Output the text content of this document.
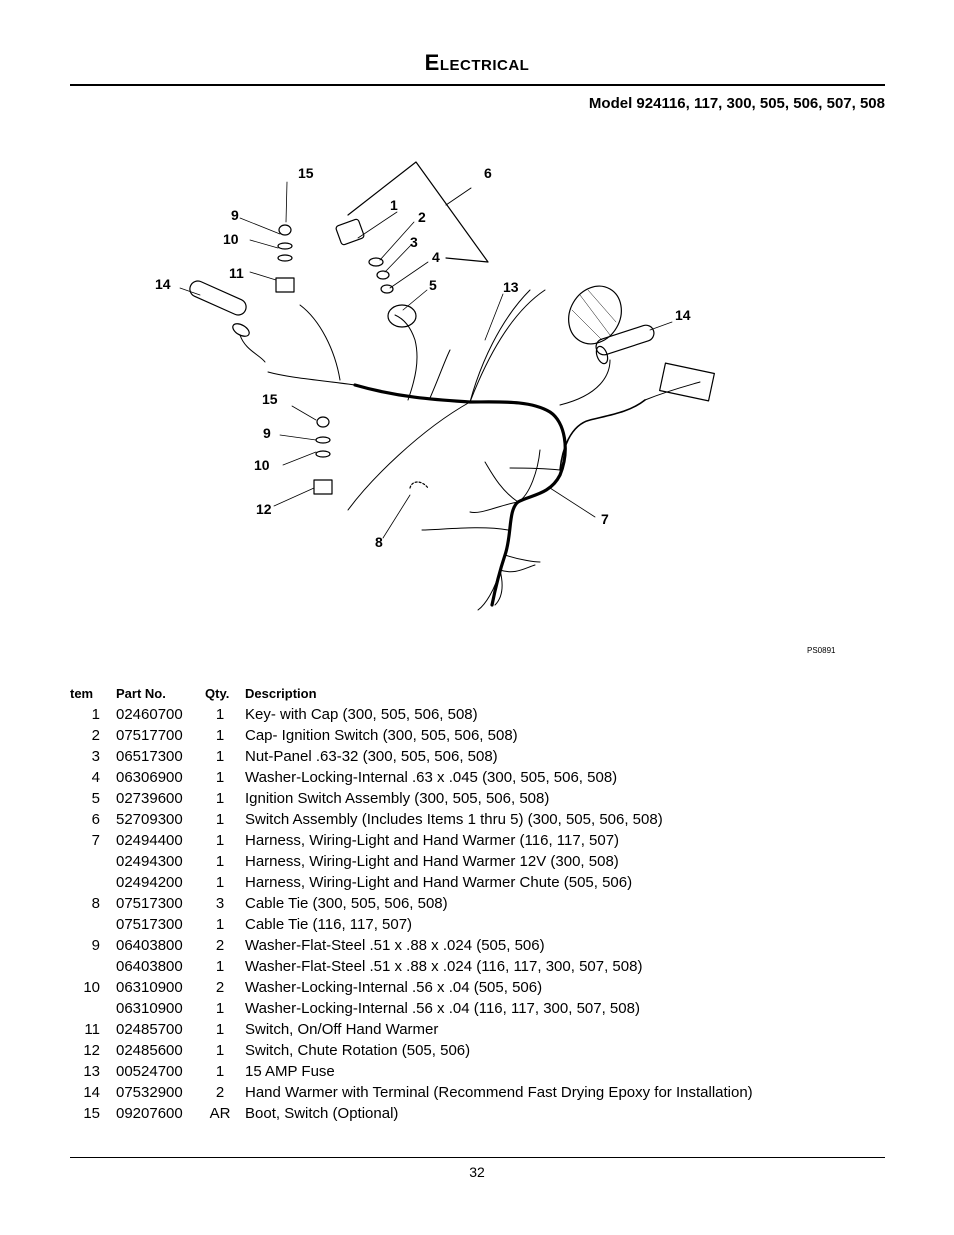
Electrical

Model 924116, 117, 300, 505, 506, 507, 508

15	6
9
1
2
10	3
4
11
5	13
14
14
15
9
10
12
8
7
PS0891
tem	Part No.	Qty.	Description
1	02460700	1	Key- with Cap (300, 505, 506, 508)
2	07517700	1	Cap- Ignition Switch (300, 505, 506, 508)
3	06517300	1	Nut-Panel .63-32 (300, 505, 506, 508)
4	06306900	1	Washer-Locking-Internal .63 x .045 (300, 505, 506, 508)
5	02739600	1	Ignition Switch Assembly (300, 505, 506, 508)
6	52709300	1	Switch Assembly (Includes Items 1 thru 5) (300, 505, 506, 508)
7	02494400	1	Harness, Wiring-Light and Hand Warmer (116, 117, 507)
	02494300	1	Harness, Wiring-Light and Hand Warmer 12V (300, 508)
	02494200	1	Harness, Wiring-Light and Hand Warmer Chute (505, 506)
8	07517300	3	Cable Tie (300, 505, 506, 508)
	07517300	1	Cable Tie (116, 117, 507)
9	06403800	2	Washer-Flat-Steel .51 x .88 x .024 (505, 506)
	06403800	1	Washer-Flat-Steel .51 x .88 x .024 (116, 117, 300, 507, 508)
10	06310900	2	Washer-Locking-Internal .56 x .04 (505, 506)
	06310900	1	Washer-Locking-Internal .56 x .04 (116, 117, 300, 507, 508)
11	02485700	1	Switch, On/Off Hand Warmer
12	02485600	1	Switch, Chute Rotation (505, 506)
13	00524700	1	15 AMP Fuse
14	07532900	2	Hand Warmer with Terminal (Recommend Fast Drying Epoxy for Installation)
15	09207600	AR	Boot, Switch (Optional)
32
